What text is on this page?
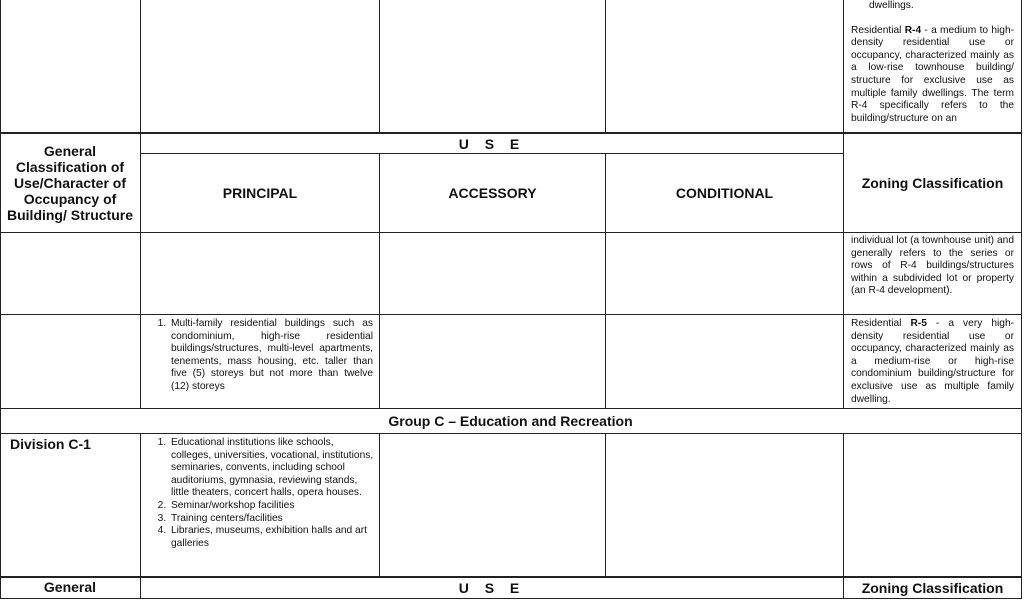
dwellings.
Residential R-4 - a medium to high-density residential use or occupancy, characterized mainly as a low-rise townhouse building/ structure for exclusive use as multiple family dwellings. The term R-4 specifically refers to the building/structure on an
General Classification of Use/Character of Occupancy of Building/ Structure
U S E
PRINCIPAL	ACCESSORY	CONDITIONAL
Zoning Classification
individual lot (a townhouse unit) and generally refers to the series or rows of R-4 buildings/structures within a subdivided lot or property (an R-4 development).
1. Multi-family residential buildings such as condominium, high-rise residential buildings/structures, multi-level apartments, tenements, mass housing, etc. taller than five (5) storeys but not more than twelve (12) storeys
Residential R-5 - a very high-density residential use or occupancy, characterized mainly as a medium-rise or high-rise condominium building/structure for exclusive use as multiple family dwelling.
Group C – Education and Recreation
Division C-1
1.	Educational institutions like schools, colleges, universities, vocational, institutions, seminaries, convents, including school auditoriums, gymnasia, reviewing stands, little theaters, concert halls, opera houses.
2. Seminar/workshop facilities
3. Training centers/facilities
4. Libraries, museums, exhibition halls and art galleries
General	U S E	Zoning Classification
